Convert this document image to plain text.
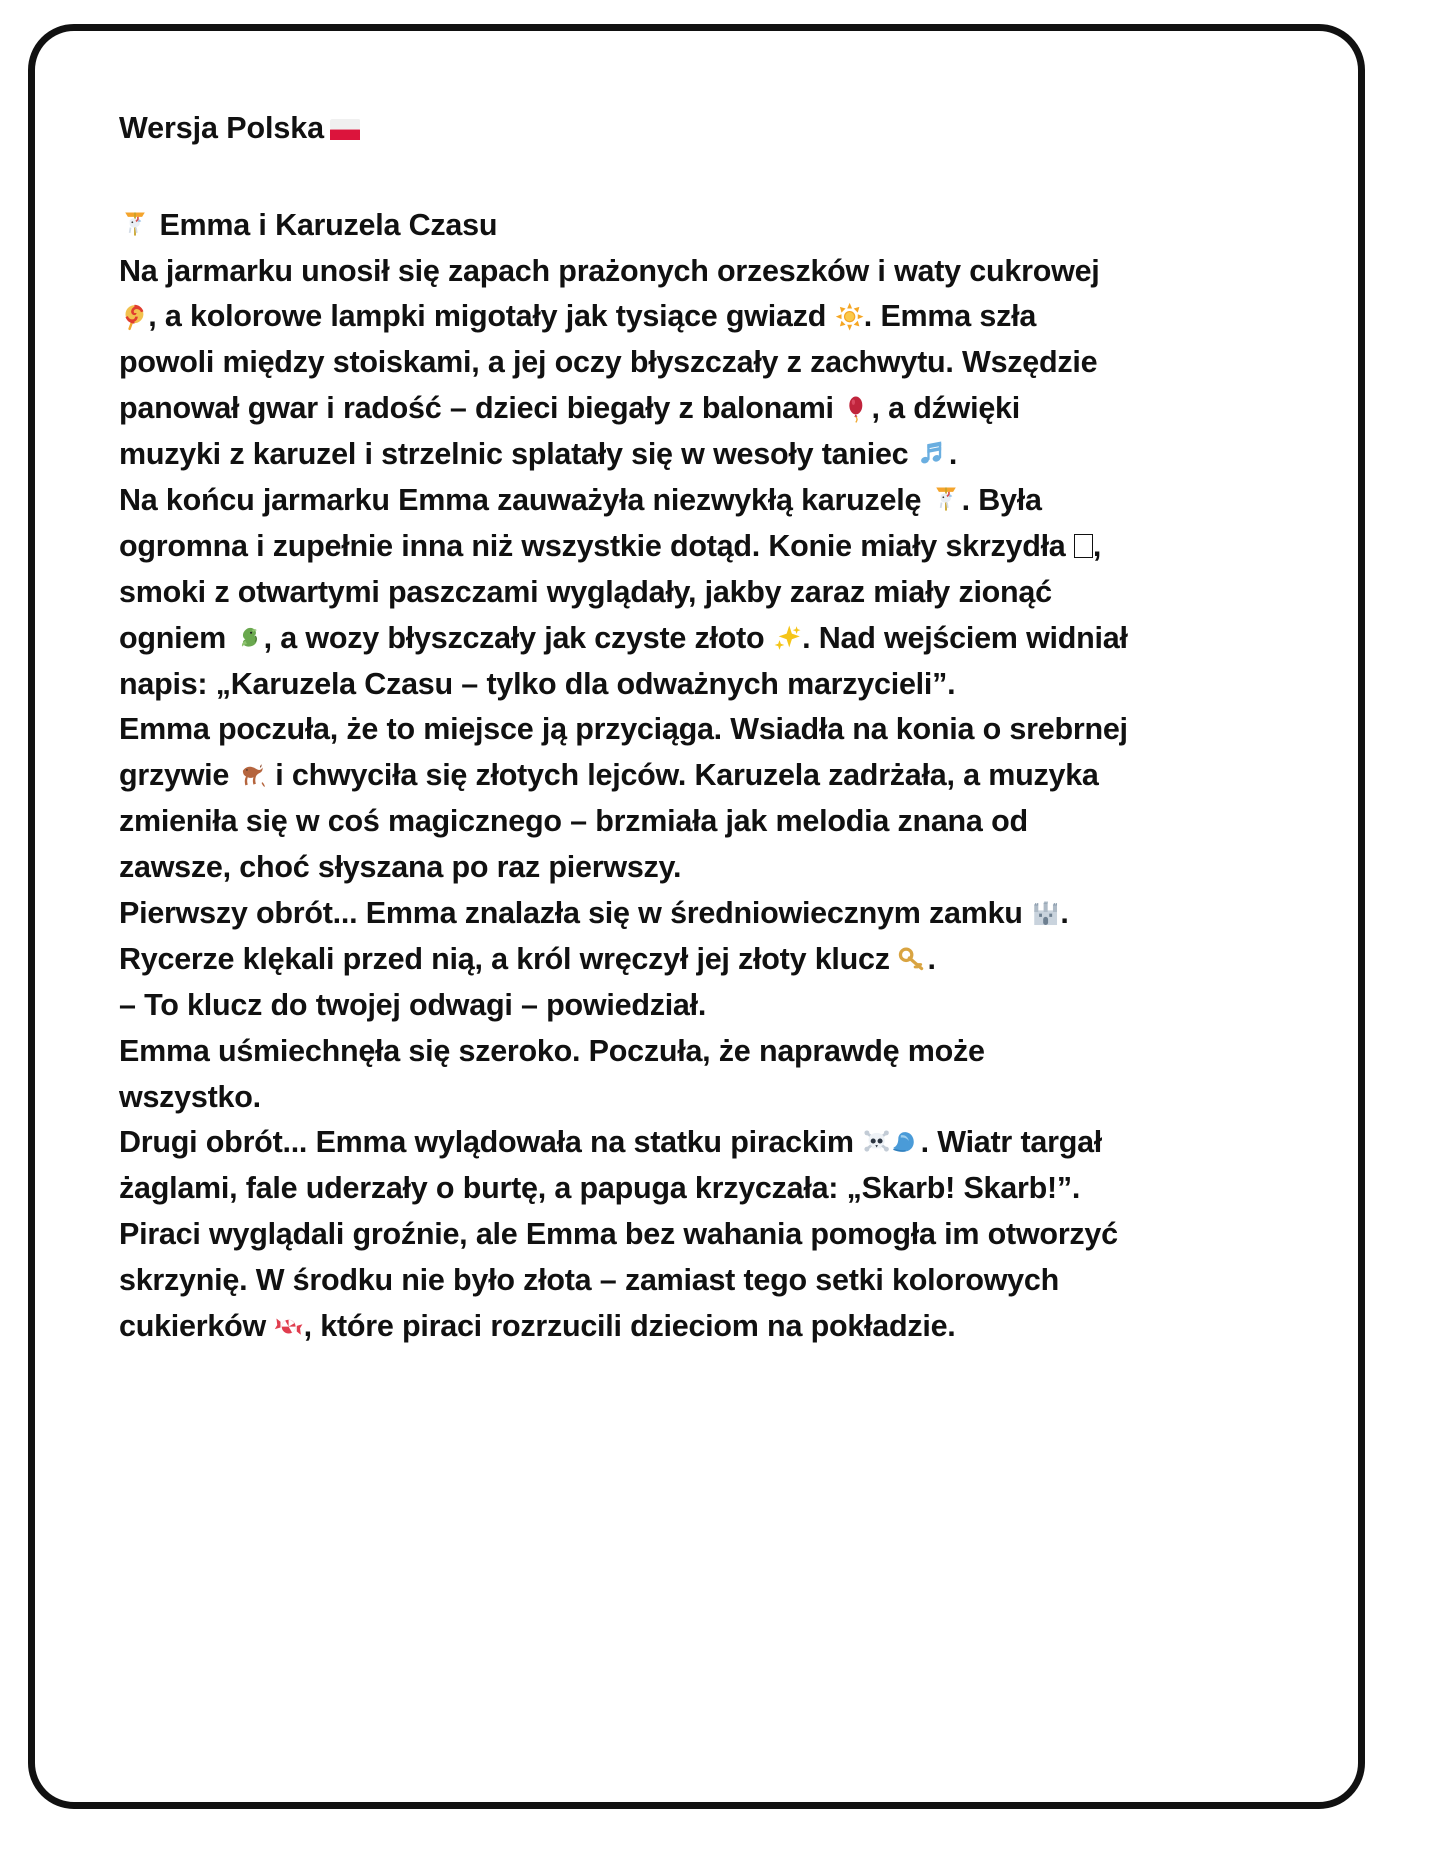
Wersja Polska

Emma i Karuzela Czasu

Na jarmarku unosił się zapach prażonych orzeszków i waty cukrowej , a kolorowe lampki migotały jak tysiące gwiazd . Emma szła powoli między stoiskami, a jej oczy błyszczały z zachwytu. Wszędzie panował gwar i radość – dzieci biegały z balonami , a dźwięki muzyki z karuzel i strzelnic splatały się w wesoły taniec .

Na końcu jarmarku Emma zauważyła niezwykłą karuzelę . Była ogromna i zupełnie inna niż wszystkie dotąd. Konie miały skrzydła , smoki z otwartymi paszczami wyglądały, jakby zaraz miały zionąć ogniem , a wozy błyszczały jak czyste złoto . Nad wejściem widniał napis: „Karuzela Czasu – tylko dla odważnych marzycieli”.

Emma poczuła, że to miejsce ją przyciąga. Wsiadła na konia o srebrnej grzywie  i chwyciła się złotych lejców. Karuzela zadrżała, a muzyka zmieniła się w coś magicznego – brzmiała jak melodia znana od zawsze, choć słyszana po raz pierwszy.

Pierwszy obrót... Emma znalazła się w średniowiecznym zamku . Rycerze klękali przed nią, a król wręczył jej złoty klucz .

– To klucz do twojej odwagi – powiedział.

Emma uśmiechnęła się szeroko. Poczuła, że naprawdę może wszystko.

Drugi obrót... Emma wylądowała na statku pirackim . Wiatr targał żaglami, fale uderzały o burtę, a papuga krzyczała: „Skarb! Skarb!”. Piraci wyglądali groźnie, ale Emma bez wahania pomogła im otworzyć skrzynię. W środku nie było złota – zamiast tego setki kolorowych cukierków , które piraci rozrzucili dzieciom na pokładzie.
